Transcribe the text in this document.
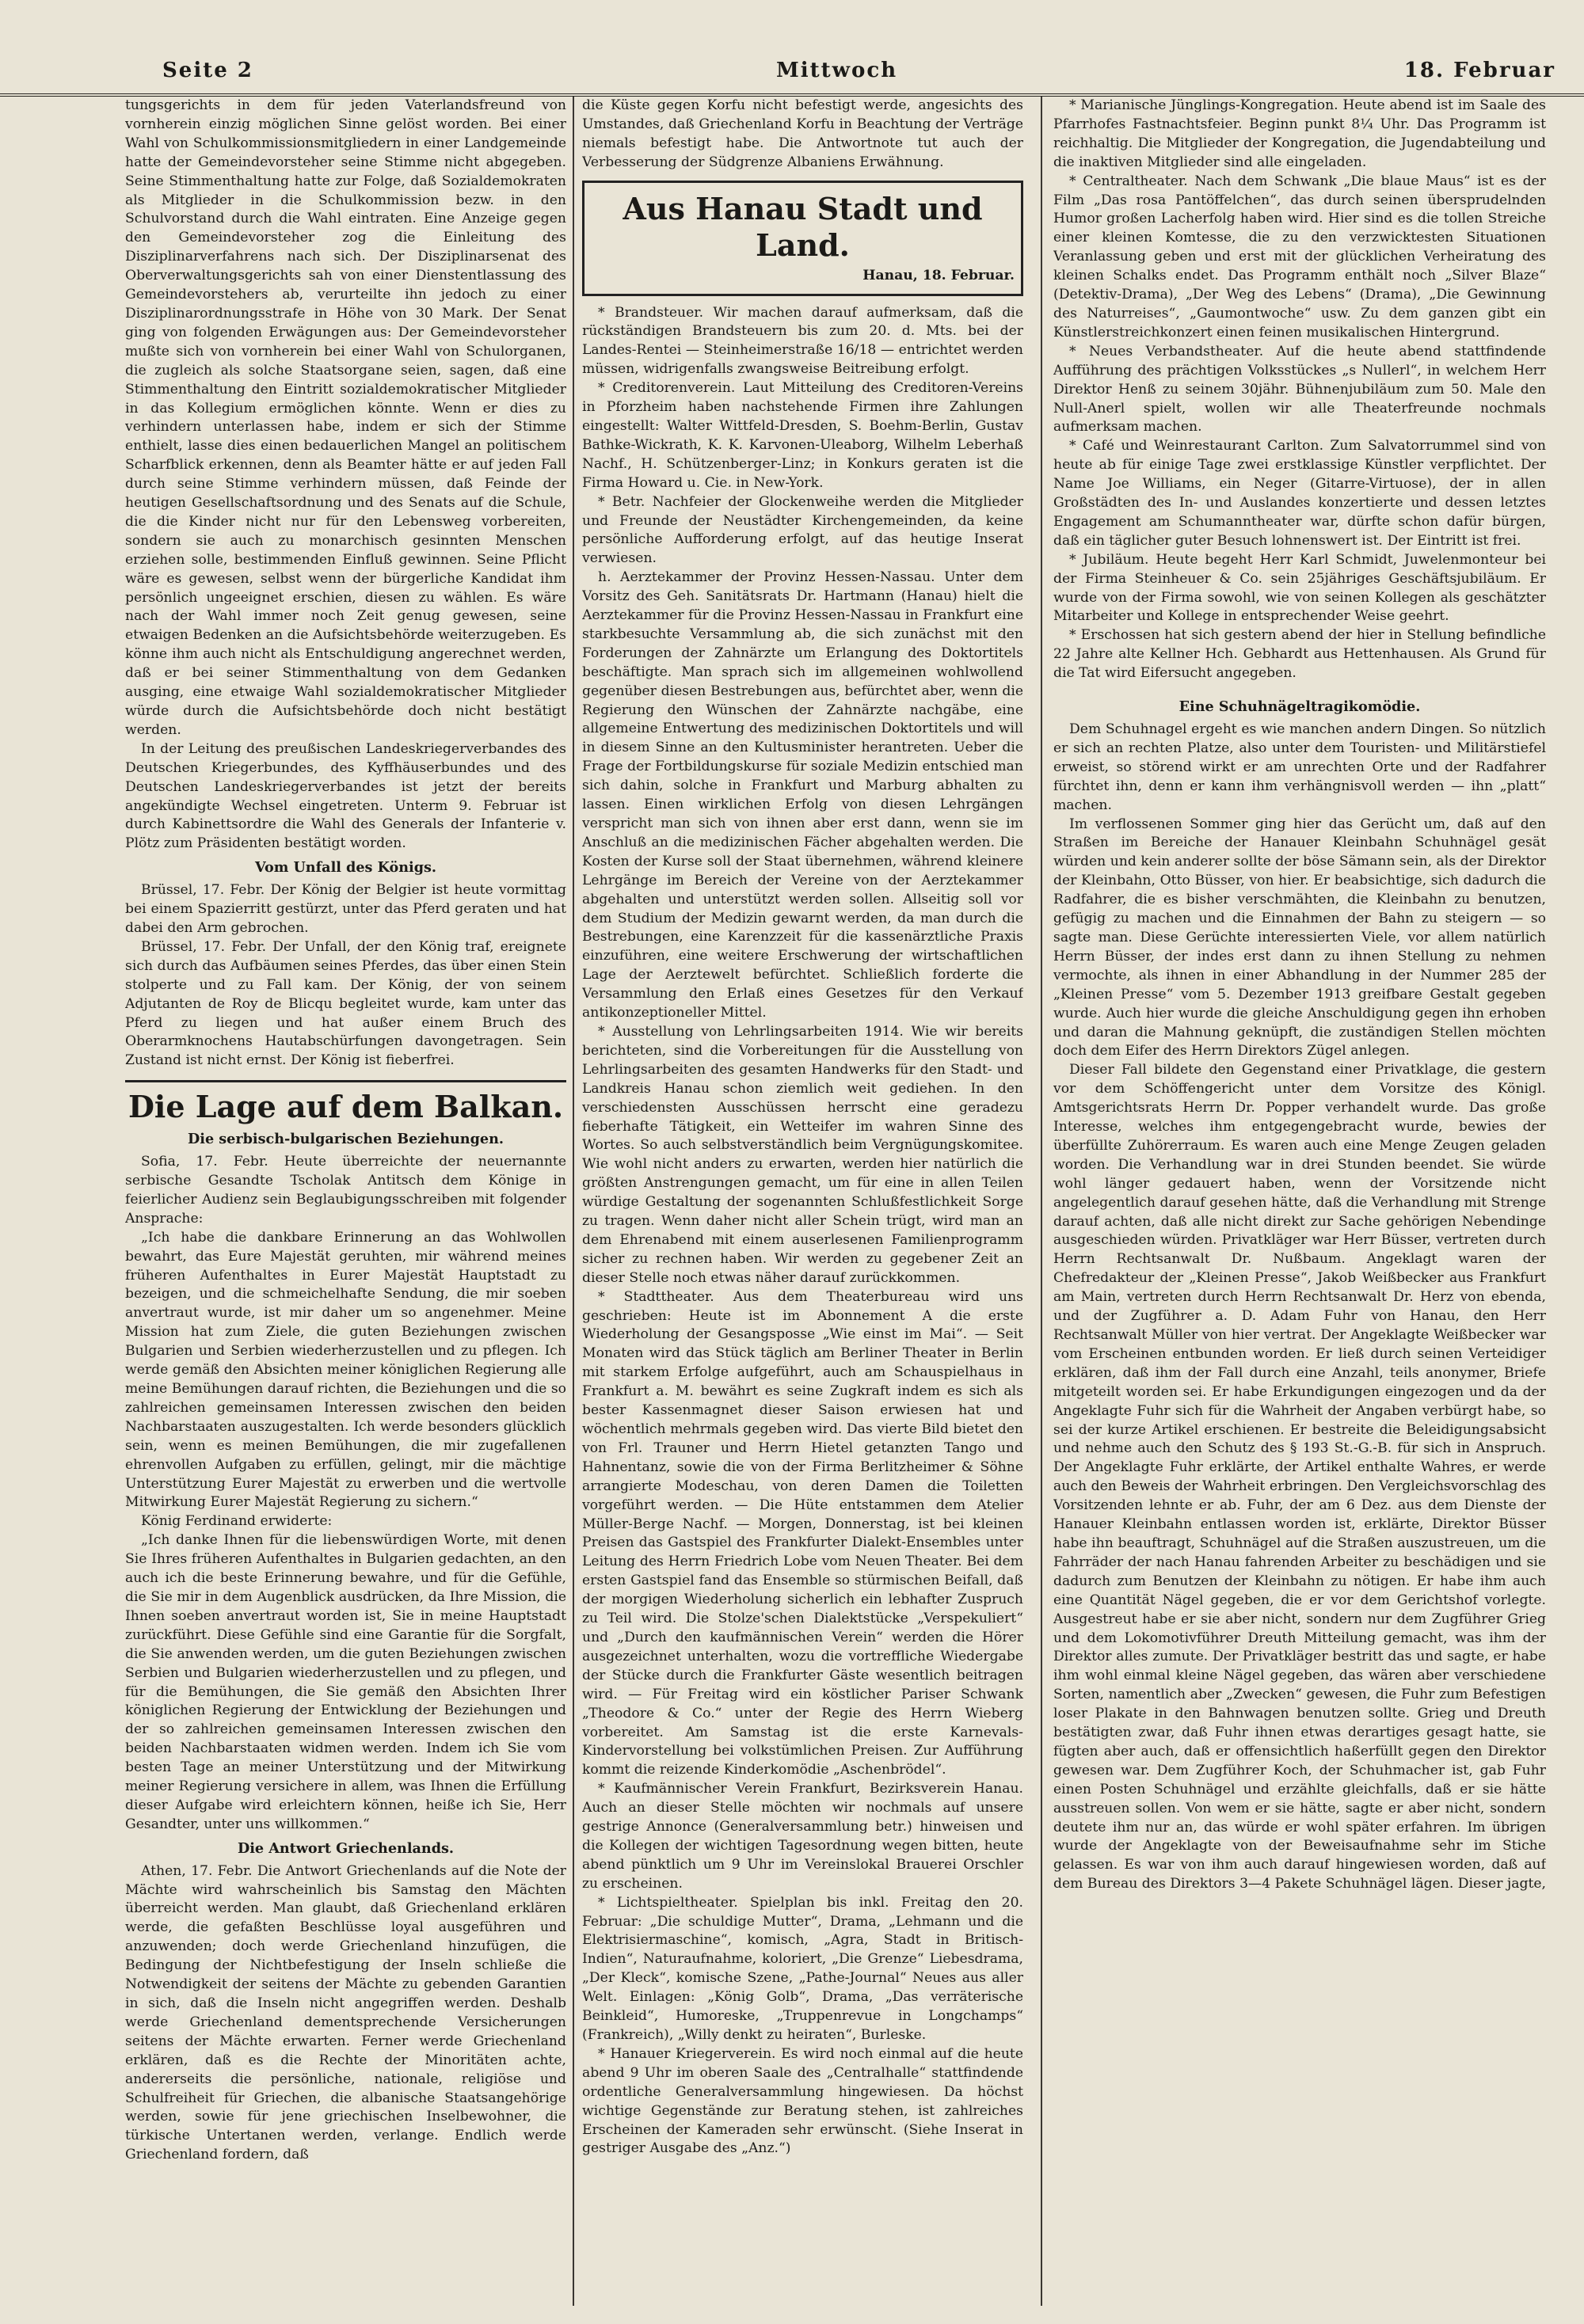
Seite 2	Mittwoch	18. Februar

tungsgerichts in dem für jeden Vaterlandsfreund von vornherein einzig möglichen Sinne gelöst worden. Bei einer Wahl von Schulkommissionsmitgliedern in einer Landgemeinde hatte der Gemeindevorsteher seine Stimme nicht abgegeben. Seine Stimmenthaltung hatte zur Folge, daß Sozialdemokraten als Mitglieder in die Schulkommission bezw. in den Schulvorstand durch die Wahl eintraten. Eine Anzeige gegen den Gemeindevorsteher zog die Einleitung des Disziplinarverfahrens nach sich. Der Disziplinarsenat des Oberverwaltungsgerichts sah von einer Dienstentlassung des Gemeindevorstehers ab, verurteilte ihn jedoch zu einer Disziplinarordnungsstrafe in Höhe von 30 Mark. Der Senat ging von folgenden Erwägungen aus: Der Gemeindevorsteher mußte sich von vornherein bei einer Wahl von Schulorganen, die zugleich als solche Staatsorgane seien, sagen, daß eine Stimmenthaltung den Eintritt sozialdemokratischer Mitglieder in das Kollegium ermöglichen könnte. Wenn er dies zu verhindern unterlassen habe, indem er sich der Stimme enthielt, lasse dies einen bedauerlichen Mangel an politischem Scharfblick erkennen, denn als Beamter hätte er auf jeden Fall durch seine Stimme verhindern müssen, daß Feinde der heutigen Gesellschaftsordnung und des Senats auf die Schule, die die Kinder nicht nur für den Lebensweg vorbereiten, sondern sie auch zu monarchisch gesinnten Menschen erziehen solle, bestimmenden Einfluß gewinnen. Seine Pflicht wäre es gewesen, selbst wenn der bürgerliche Kandidat ihm persönlich ungeeignet erschien, diesen zu wählen. Es wäre nach der Wahl immer noch Zeit genug gewesen, seine etwaigen Bedenken an die Aufsichtsbehörde weiterzugeben. Es könne ihm auch nicht als Entschuldigung angerechnet werden, daß er bei seiner Stimmenthaltung von dem Gedanken ausging, eine etwaige Wahl sozialdemokratischer Mitglieder würde durch die Aufsichtsbehörde doch nicht bestätigt werden.

In der Leitung des preußischen Landeskriegerverbandes des Deutschen Kriegerbundes, des Kyffhäuserbundes und des Deutschen Landeskriegerverbandes ist jetzt der bereits angekündigte Wechsel eingetreten. Unterm 9. Februar ist durch Kabinettsordre die Wahl des Generals der Infanterie v. Plötz zum Präsidenten bestätigt worden.

Vom Unfall des Königs.

Brüssel, 17. Febr. Der König der Belgier ist heute vormittag bei einem Spazierritt gestürzt, unter das Pferd geraten und hat dabei den Arm gebrochen.

Brüssel, 17. Febr. Der Unfall, der den König traf, ereignete sich durch das Aufbäumen seines Pferdes, das über einen Stein stolperte und zu Fall kam. Der König, der von seinem Adjutanten de Roy de Blicqu begleitet wurde, kam unter das Pferd zu liegen und hat außer einem Bruch des Oberarmknochens Hautabschürfungen davongetragen. Sein Zustand ist nicht ernst. Der König ist fieberfrei.

Die Lage auf dem Balkan.
Die serbisch-bulgarischen Beziehungen.

Sofia, 17. Febr. Heute überreichte der neuernannte serbische Gesandte Tscholak Antitsch dem Könige in feierlicher Audienz sein Beglaubigungsschreiben mit folgender Ansprache:

„Ich habe die dankbare Erinnerung an das Wohlwollen bewahrt, das Eure Majestät geruhten, mir während meines früheren Aufenthaltes in Eurer Majestät Hauptstadt zu bezeigen, und die schmeichelhafte Sendung, die mir soeben anvertraut wurde, ist mir daher um so angenehmer. Meine Mission hat zum Ziele, die guten Beziehungen zwischen Bulgarien und Serbien wiederherzustellen und zu pflegen. Ich werde gemäß den Absichten meiner königlichen Regierung alle meine Bemühungen darauf richten, die Beziehungen und die so zahlreichen gemeinsamen Interessen zwischen den beiden Nachbarstaaten auszugestalten. Ich werde besonders glücklich sein, wenn es meinen Bemühungen, die mir zugefallenen ehrenvollen Aufgaben zu erfüllen, gelingt, mir die mächtige Unterstützung Eurer Majestät zu erwerben und die wertvolle Mitwirkung Eurer Majestät Regierung zu sichern.“

König Ferdinand erwiderte:

„Ich danke Ihnen für die liebenswürdigen Worte, mit denen Sie Ihres früheren Aufenthaltes in Bulgarien gedachten, an den auch ich die beste Erinnerung bewahre, und für die Gefühle, die Sie mir in dem Augenblick ausdrücken, da Ihre Mission, die Ihnen soeben anvertraut worden ist, Sie in meine Hauptstadt zurückführt. Diese Gefühle sind eine Garantie für die Sorgfalt, die Sie anwenden werden, um die guten Beziehungen zwischen Serbien und Bulgarien wiederherzustellen und zu pflegen, und für die Bemühungen, die Sie gemäß den Absichten Ihrer königlichen Regierung der Entwicklung der Beziehungen und der so zahlreichen gemeinsamen Interessen zwischen den beiden Nachbarstaaten widmen werden. Indem ich Sie vom besten Tage an meiner Unterstützung und der Mitwirkung meiner Regierung versichere in allem, was Ihnen die Erfüllung dieser Aufgabe wird erleichtern können, heiße ich Sie, Herr Gesandter, unter uns willkommen.“

Die Antwort Griechenlands.

Athen, 17. Febr. Die Antwort Griechenlands auf die Note der Mächte wird wahrscheinlich bis Samstag den Mächten überreicht werden. Man glaubt, daß Griechenland erklären werde, die gefaßten Beschlüsse loyal ausgeführen und anzuwenden; doch werde Griechenland hinzufügen, die Bedingung der Nichtbefestigung der Inseln schließe die Notwendigkeit der seitens der Mächte zu gebenden Garantien in sich, daß die Inseln nicht angegriffen werden. Deshalb werde Griechenland dementsprechende Versicherungen seitens der Mächte erwarten. Ferner werde Griechenland erklären, daß es die Rechte der Minoritäten achte, andererseits die persönliche, nationale, religiöse und Schulfreiheit für Griechen, die albanische Staatsangehörige werden, sowie für jene griechischen Inselbewohner, die türkische Untertanen werden, verlange. Endlich werde Griechenland fordern, daß

die Küste gegen Korfu nicht befestigt werde, angesichts des Umstandes, daß Griechenland Korfu in Beachtung der Verträge niemals befestigt habe. Die Antwortnote tut auch der Verbesserung der Südgrenze Albaniens Erwähnung.

Aus Hanau Stadt und Land.
Hanau, 18. Februar.

* Brandsteuer. Wir machen darauf aufmerksam, daß die rückständigen Brandsteuern bis zum 20. d. Mts. bei der Landes-Rentei — Steinheimerstraße 16/18 — entrichtet werden müssen, widrigenfalls zwangsweise Beitreibung erfolgt.

* Creditorenverein. Laut Mitteilung des Creditoren-Vereins in Pforzheim haben nachstehende Firmen ihre Zahlungen eingestellt: Walter Wittfeld-Dresden, S. Boehm-Berlin, Gustav Bathke-Wickrath, K. K. Karvonen-Uleaborg, Wilhelm Leberhaß Nachf., H. Schützenberger-Linz; in Konkurs geraten ist die Firma Howard u. Cie. in New-York.

* Betr. Nachfeier der Glockenweihe werden die Mitglieder und Freunde der Neustädter Kirchengemeinden, da keine persönliche Aufforderung erfolgt, auf das heutige Inserat verwiesen.

h. Aerztekammer der Provinz Hessen-Nassau. Unter dem Vorsitz des Geh. Sanitätsrats Dr. Hartmann (Hanau) hielt die Aerztekammer für die Provinz Hessen-Nassau in Frankfurt eine starkbesuchte Versammlung ab, die sich zunächst mit den Forderungen der Zahnärzte um Erlangung des Doktortitels beschäftigte. Man sprach sich im allgemeinen wohlwollend gegenüber diesen Bestrebungen aus, befürchtet aber, wenn die Regierung den Wünschen der Zahnärzte nachgäbe, eine allgemeine Entwertung des medizinischen Doktortitels und will in diesem Sinne an den Kultusminister herantreten. Ueber die Frage der Fortbildungskurse für soziale Medizin entschied man sich dahin, solche in Frankfurt und Marburg abhalten zu lassen. Einen wirklichen Erfolg von diesen Lehrgängen verspricht man sich von ihnen aber erst dann, wenn sie im Anschluß an die medizinischen Fächer abgehalten werden. Die Kosten der Kurse soll der Staat übernehmen, während kleinere Lehrgänge im Bereich der Vereine von der Aerztekammer abgehalten und unterstützt werden sollen. Allseitig soll vor dem Studium der Medizin gewarnt werden, da man durch die Bestrebungen, eine Karenzzeit für die kassenärztliche Praxis einzuführen, eine weitere Erschwerung der wirtschaftlichen Lage der Aerztewelt befürchtet. Schließlich forderte die Versammlung den Erlaß eines Gesetzes für den Verkauf antikonzeptioneller Mittel.

* Ausstellung von Lehrlingsarbeiten 1914. Wie wir bereits berichteten, sind die Vorbereitungen für die Ausstellung von Lehrlingsarbeiten des gesamten Handwerks für den Stadt- und Landkreis Hanau schon ziemlich weit gediehen. In den verschiedensten Ausschüssen herrscht eine geradezu fieberhafte Tätigkeit, ein Wetteifer im wahren Sinne des Wortes. So auch selbstverständlich beim Vergnügungskomitee. Wie wohl nicht anders zu erwarten, werden hier natürlich die größten Anstrengungen gemacht, um für eine in allen Teilen würdige Gestaltung der sogenannten Schlußfestlichkeit Sorge zu tragen. Wenn daher nicht aller Schein trügt, wird man an dem Ehrenabend mit einem auserlesenen Familienprogramm sicher zu rechnen haben. Wir werden zu gegebener Zeit an dieser Stelle noch etwas näher darauf zurückkommen.

* Stadttheater. Aus dem Theaterbureau wird uns geschrieben: Heute ist im Abonnement A die erste Wiederholung der Gesangsposse „Wie einst im Mai“. — Seit Monaten wird das Stück täglich am Berliner Theater in Berlin mit starkem Erfolge aufgeführt, auch am Schauspielhaus in Frankfurt a. M. bewährt es seine Zugkraft indem es sich als bester Kassenmagnet dieser Saison erwiesen hat und wöchentlich mehrmals gegeben wird. Das vierte Bild bietet den von Frl. Trauner und Herrn Hietel getanzten Tango und Hahnentanz, sowie die von der Firma Berlitzheimer & Söhne arrangierte Modeschau, von deren Damen die Toiletten vorgeführt werden. — Die Hüte entstammen dem Atelier Müller-Berge Nachf. — Morgen, Donnerstag, ist bei kleinen Preisen das Gastspiel des Frankfurter Dialekt-Ensembles unter Leitung des Herrn Friedrich Lobe vom Neuen Theater. Bei dem ersten Gastspiel fand das Ensemble so stürmischen Beifall, daß der morgigen Wiederholung sicherlich ein lebhafter Zuspruch zu Teil wird. Die Stolze'schen Dialektstücke „Verspekuliert“ und „Durch den kaufmännischen Verein“ werden die Hörer ausgezeichnet unterhalten, wozu die vortreffliche Wiedergabe der Stücke durch die Frankfurter Gäste wesentlich beitragen wird. — Für Freitag wird ein köstlicher Pariser Schwank „Theodore & Co.“ unter der Regie des Herrn Wieberg vorbereitet. Am Samstag ist die erste Karnevals-Kindervorstellung bei volkstümlichen Preisen. Zur Aufführung kommt die reizende Kinderkomödie „Aschenbrödel“.

* Kaufmännischer Verein Frankfurt, Bezirksverein Hanau. Auch an dieser Stelle möchten wir nochmals auf unsere gestrige Annonce (Generalversammlung betr.) hinweisen und die Kollegen der wichtigen Tagesordnung wegen bitten, heute abend pünktlich um 9 Uhr im Vereinslokal Brauerei Orschler zu erscheinen.

* Lichtspieltheater. Spielplan bis inkl. Freitag den 20. Februar: „Die schuldige Mutter“, Drama, „Lehmann und die Elektrisiermaschine“, komisch, „Agra, Stadt in Britisch-Indien“, Naturaufnahme, koloriert, „Die Grenze“ Liebesdrama, „Der Kleck“, komische Szene, „Pathe-Journal“ Neues aus aller Welt. Einlagen: „König Golb“, Drama, „Das verräterische Beinkleid“, Humoreske, „Truppenrevue in Longchamps“ (Frankreich), „Willy denkt zu heiraten“, Burleske.

* Hanauer Kriegerverein. Es wird noch einmal auf die heute abend 9 Uhr im oberen Saale des „Centralhalle“ stattfindende ordentliche Generalversammlung hingewiesen. Da höchst wichtige Gegenstände zur Beratung stehen, ist zahlreiches Erscheinen der Kameraden sehr erwünscht. (Siehe Inserat in gestriger Ausgabe des „Anz.“)

* Marianische Jünglings-Kongregation. Heute abend ist im Saale des Pfarrhofes Fastnachtsfeier. Beginn punkt 8¼ Uhr. Das Programm ist reichhaltig. Die Mitglieder der Kongregation, die Jugendabteilung und die inaktiven Mitglieder sind alle eingeladen.

* Centraltheater. Nach dem Schwank „Die blaue Maus“ ist es der Film „Das rosa Pantöffelchen“, das durch seinen übersprudelnden Humor großen Lacherfolg haben wird. Hier sind es die tollen Streiche einer kleinen Komtesse, die zu den verzwicktesten Situationen Veranlassung geben und erst mit der glücklichen Verheiratung des kleinen Schalks endet. Das Programm enthält noch „Silver Blaze“ (Detektiv-Drama), „Der Weg des Lebens“ (Drama), „Die Gewinnung des Naturreises“, „Gaumontwoche“ usw. Zu dem ganzen gibt ein Künstlerstreichkonzert einen feinen musikalischen Hintergrund.

* Neues Verbandstheater. Auf die heute abend stattfindende Aufführung des prächtigen Volksstückes „s Nullerl“, in welchem Herr Direktor Henß zu seinem 30jähr. Bühnenjubiläum zum 50. Male den Null-Anerl spielt, wollen wir alle Theaterfreunde nochmals aufmerksam machen.

* Café und Weinrestaurant Carlton. Zum Salvatorrummel sind von heute ab für einige Tage zwei erstklassige Künstler verpflichtet. Der Name Joe Williams, ein Neger (Gitarre-Virtuose), der in allen Großstädten des In- und Auslandes konzertierte und dessen letztes Engagement am Schumanntheater war, dürfte schon dafür bürgen, daß ein täglicher guter Besuch lohnenswert ist. Der Eintritt ist frei.

* Jubiläum. Heute begeht Herr Karl Schmidt, Juwelenmonteur bei der Firma Steinheuer & Co. sein 25jähriges Geschäftsjubiläum. Er wurde von der Firma sowohl, wie von seinen Kollegen als geschätzter Mitarbeiter und Kollege in entsprechender Weise geehrt.

* Erschossen hat sich gestern abend der hier in Stellung befindliche 22 Jahre alte Kellner Hch. Gebhardt aus Hettenhausen. Als Grund für die Tat wird Eifersucht angegeben.

Eine Schuhnägeltragikomödie.

Dem Schuhnagel ergeht es wie manchen andern Dingen. So nützlich er sich an rechten Platze, also unter dem Touristen- und Militärstiefel erweist, so störend wirkt er am unrechten Orte und der Radfahrer fürchtet ihn, denn er kann ihm verhängnisvoll werden — ihn „platt“ machen.

Im verflossenen Sommer ging hier das Gerücht um, daß auf den Straßen im Bereiche der Hanauer Kleinbahn Schuhnägel gesät würden und kein anderer sollte der böse Sämann sein, als der Direktor der Kleinbahn, Otto Büsser, von hier. Er beabsichtige, sich dadurch die Radfahrer, die es bisher verschmähten, die Kleinbahn zu benutzen, gefügig zu machen und die Einnahmen der Bahn zu steigern — so sagte man. Diese Gerüchte interessierten Viele, vor allem natürlich Herrn Büsser, der indes erst dann zu ihnen Stellung zu nehmen vermochte, als ihnen in einer Abhandlung in der Nummer 285 der „Kleinen Presse“ vom 5. Dezember 1913 greifbare Gestalt gegeben wurde. Auch hier wurde die gleiche Anschuldigung gegen ihn erhoben und daran die Mahnung geknüpft, die zuständigen Stellen möchten doch dem Eifer des Herrn Direktors Zügel anlegen.

Dieser Fall bildete den Gegenstand einer Privatklage, die gestern vor dem Schöffengericht unter dem Vorsitze des Königl. Amtsgerichtsrats Herrn Dr. Popper verhandelt wurde. Das große Interesse, welches ihm entgegengebracht wurde, bewies der überfüllte Zuhörerraum. Es waren auch eine Menge Zeugen geladen worden. Die Verhandlung war in drei Stunden beendet. Sie würde wohl länger gedauert haben, wenn der Vorsitzende nicht angelegentlich darauf gesehen hätte, daß die Verhandlung mit Strenge darauf achten, daß alle nicht direkt zur Sache gehörigen Nebendinge ausgeschieden würden. Privatkläger war Herr Büsser, vertreten durch Herrn Rechtsanwalt Dr. Nußbaum. Angeklagt waren der Chefredakteur der „Kleinen Presse“, Jakob Weißbecker aus Frankfurt am Main, vertreten durch Herrn Rechtsanwalt Dr. Herz von ebenda, und der Zugführer a. D. Adam Fuhr von Hanau, den Herr Rechtsanwalt Müller von hier vertrat. Der Angeklagte Weißbecker war vom Erscheinen entbunden worden. Er ließ durch seinen Verteidiger erklären, daß ihm der Fall durch eine Anzahl, teils anonymer, Briefe mitgeteilt worden sei. Er habe Erkundigungen eingezogen und da der Angeklagte Fuhr sich für die Wahrheit der Angaben verbürgt habe, so sei der kurze Artikel erschienen. Er bestreite die Beleidigungsabsicht und nehme auch den Schutz des § 193 St.-G.-B. für sich in Anspruch. Der Angeklagte Fuhr erklärte, der Artikel enthalte Wahres, er werde auch den Beweis der Wahrheit erbringen. Den Vergleichsvorschlag des Vorsitzenden lehnte er ab. Fuhr, der am 6 Dez. aus dem Dienste der Hanauer Kleinbahn entlassen worden ist, erklärte, Direktor Büsser habe ihn beauftragt, Schuhnägel auf die Straßen auszustreuen, um die Fahrräder der nach Hanau fahrenden Arbeiter zu beschädigen und sie dadurch zum Benutzen der Kleinbahn zu nötigen. Er habe ihm auch eine Quantität Nägel gegeben, die er vor dem Gerichtshof vorlegte. Ausgestreut habe er sie aber nicht, sondern nur dem Zugführer Grieg und dem Lokomotivführer Dreuth Mitteilung gemacht, was ihm der Direktor alles zumute. Der Privatkläger bestritt das und sagte, er habe ihm wohl einmal kleine Nägel gegeben, das wären aber verschiedene Sorten, namentlich aber „Zwecken“ gewesen, die Fuhr zum Befestigen loser Plakate in den Bahnwagen benutzen sollte. Grieg und Dreuth bestätigten zwar, daß Fuhr ihnen etwas derartiges gesagt hatte, sie fügten aber auch, daß er offensichtlich haßerfüllt gegen den Direktor gewesen war. Dem Zugführer Koch, der Schuhmacher ist, gab Fuhr einen Posten Schuhnägel und erzählte gleichfalls, daß er sie hätte ausstreuen sollen. Von wem er sie hätte, sagte er aber nicht, sondern deutete ihm nur an, das würde er wohl später erfahren. Im übrigen wurde der Angeklagte von der Beweisaufnahme sehr im Stiche gelassen. Es war von ihm auch darauf hingewiesen worden, daß auf dem Bureau des Direktors 3—4 Pakete Schuhnägel lägen. Dieser jagte,
